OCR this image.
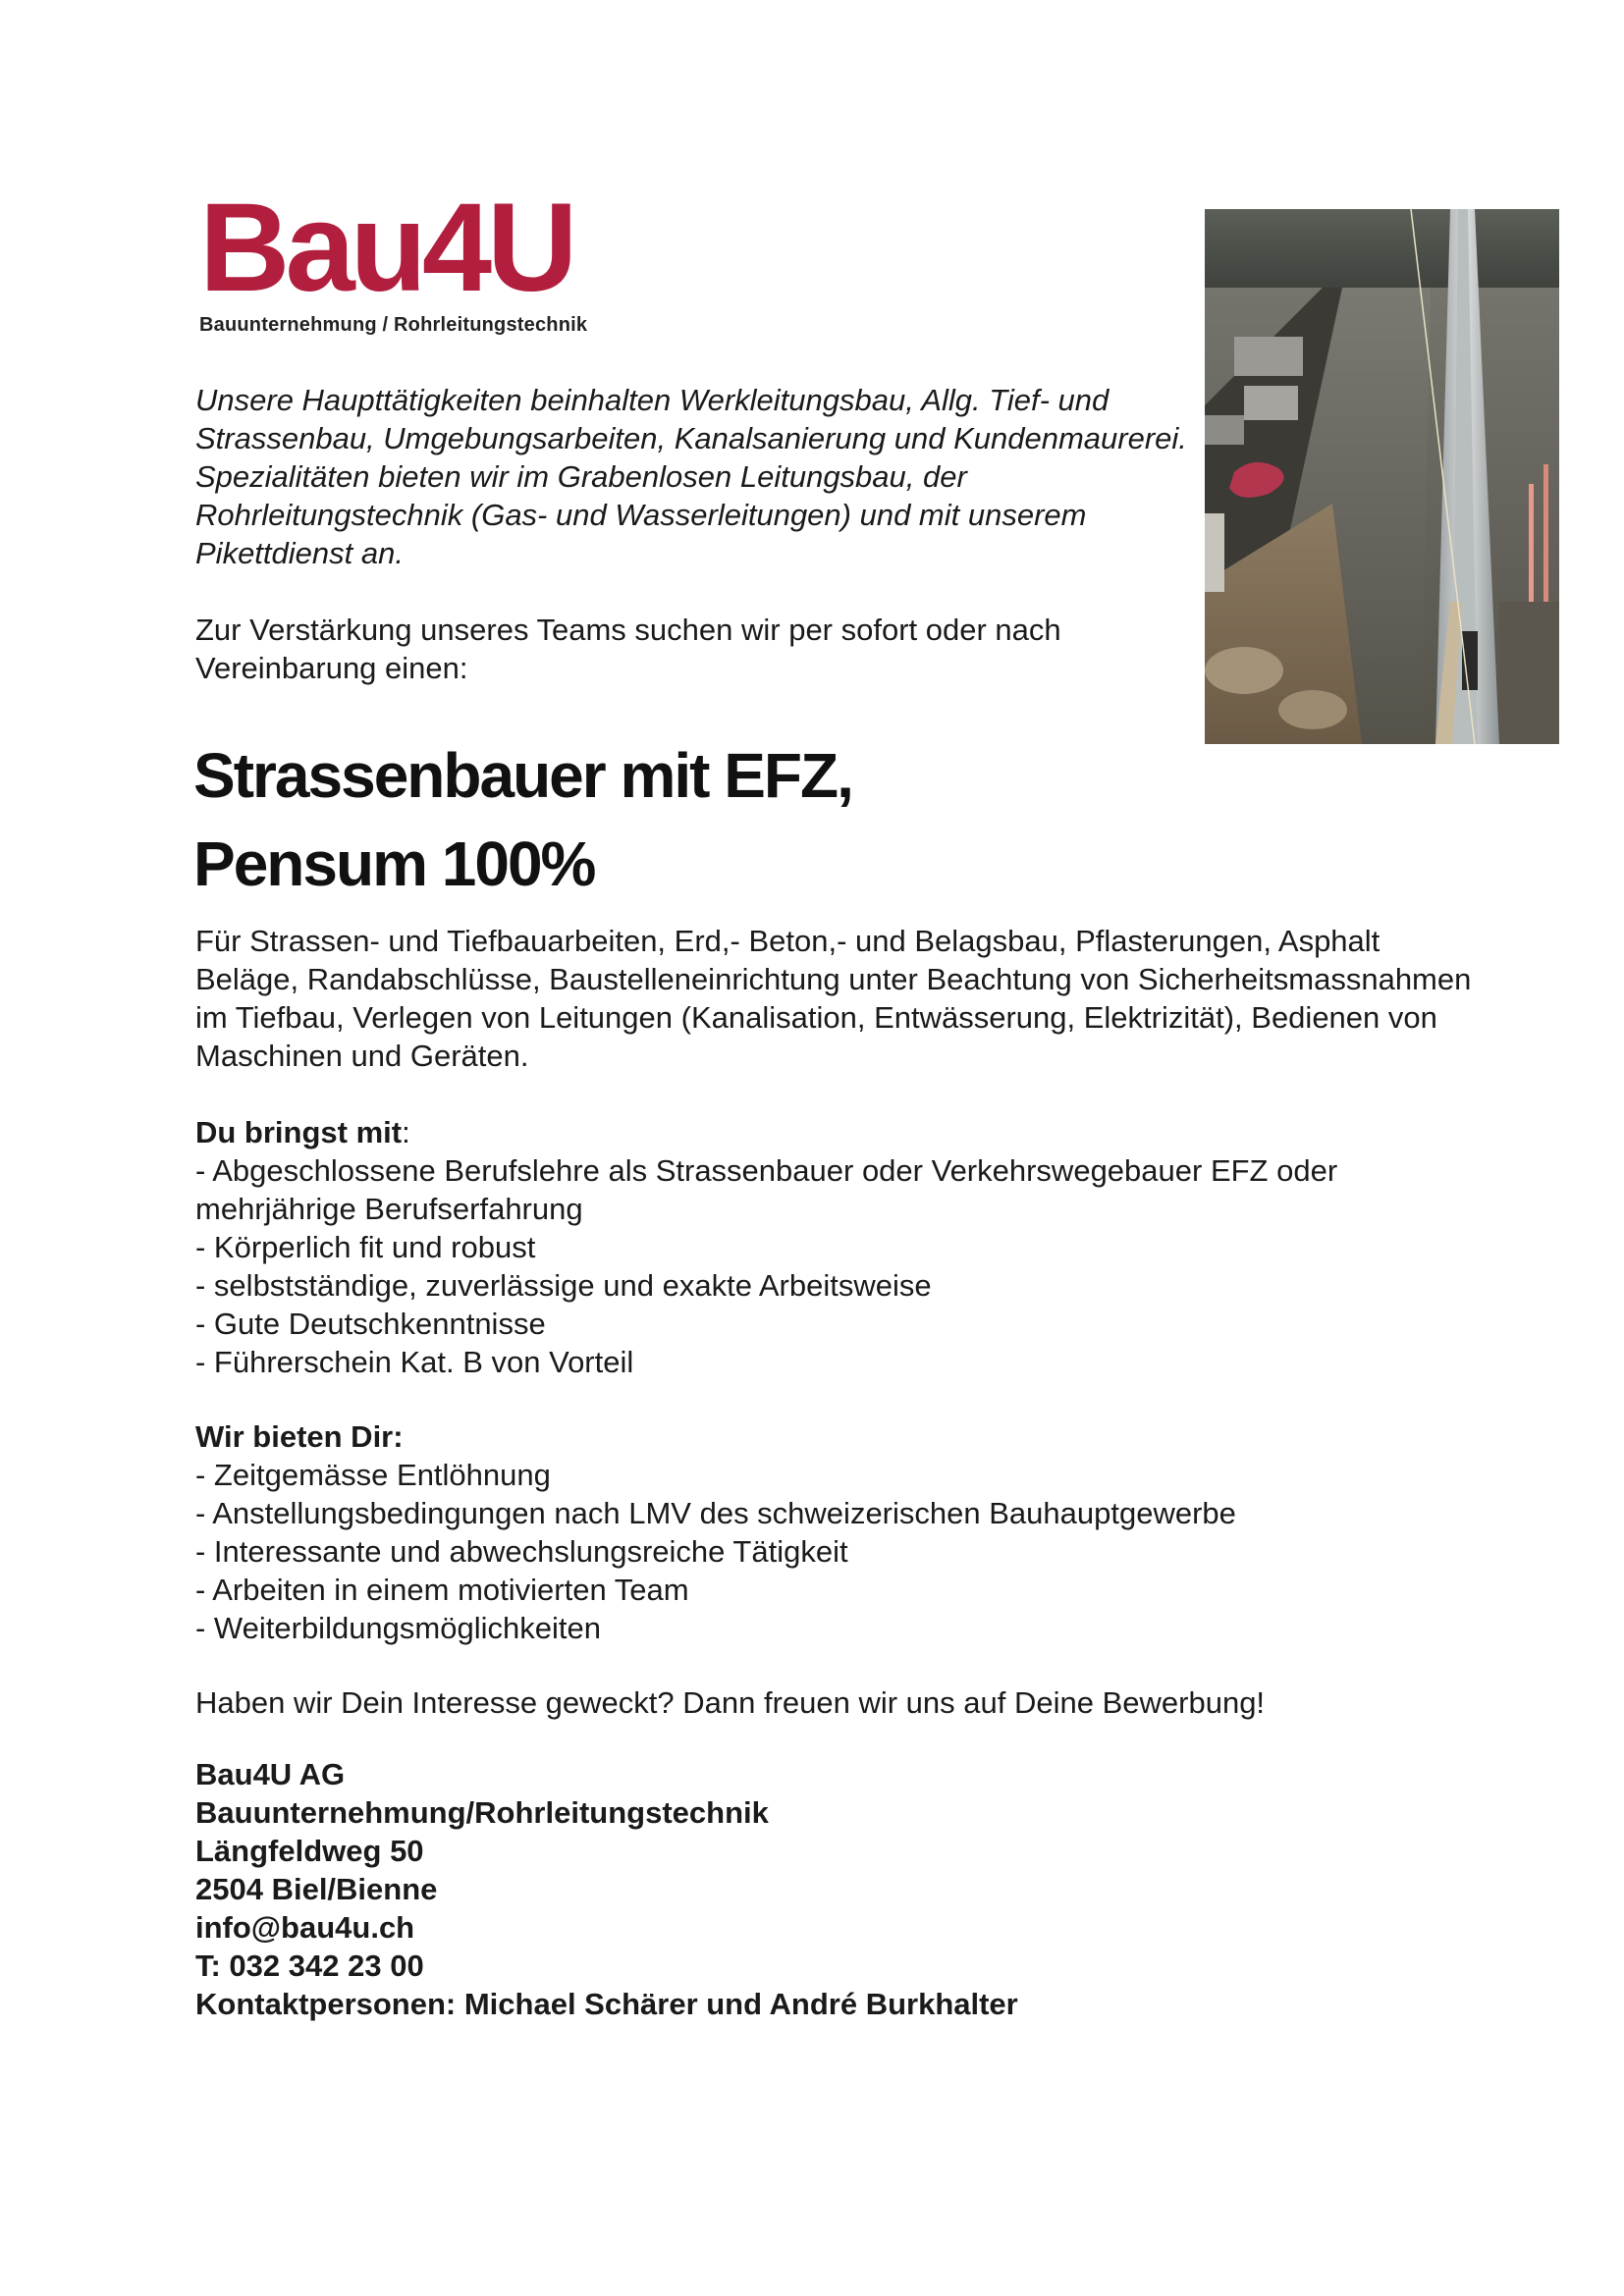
Bau4U
Bauunternehmung / Rohrleitungstechnik

Unsere Haupttätigkeiten beinhalten Werkleitungsbau, Allg. Tief- und Strassenbau, Umgebungsarbeiten, Kanalsanierung und Kundenmaurerei. Spezialitäten bieten wir im Grabenlosen Leitungsbau, der Rohrleitungstechnik (Gas- und Wasserleitungen) und mit unserem Pikettdienst an.

Zur Verstärkung unseres Teams suchen wir per sofort oder nach Vereinbarung einen:

Strassenbauer mit EFZ,
Pensum 100%

Für Strassen- und Tiefbauarbeiten, Erd,- Beton,- und Belagsbau, Pflasterungen, Asphalt Beläge, Randabschlüsse, Baustelleneinrichtung unter Beachtung von Sicherheitsmassnahmen im Tiefbau, Verlegen von Leitungen (Kanalisation, Entwässerung, Elektrizität), Bedienen von Maschinen und Geräten.

Du bringst mit:
- Abgeschlossene Berufslehre als Strassenbauer oder Verkehrswegebauer EFZ oder mehrjährige Berufserfahrung
- Körperlich fit und robust
- selbstständige, zuverlässige und exakte Arbeitsweise
- Gute Deutschkenntnisse
- Führerschein Kat. B von Vorteil
Wir bieten Dir:
- Zeitgemässe Entlöhnung
- Anstellungsbedingungen nach LMV des schweizerischen Bauhauptgewerbe
- Interessante und abwechslungsreiche Tätigkeit
- Arbeiten in einem motivierten Team
- Weiterbildungsmöglichkeiten

Haben wir Dein Interesse geweckt? Dann freuen wir uns auf Deine Bewerbung!

Bau4U AG
Bauunternehmung/Rohrleitungstechnik
Längfeldweg 50
2504 Biel/Bienne
info@bau4u.ch
T: 032 342 23 00
Kontaktpersonen: Michael Schärer und André Burkhalter
